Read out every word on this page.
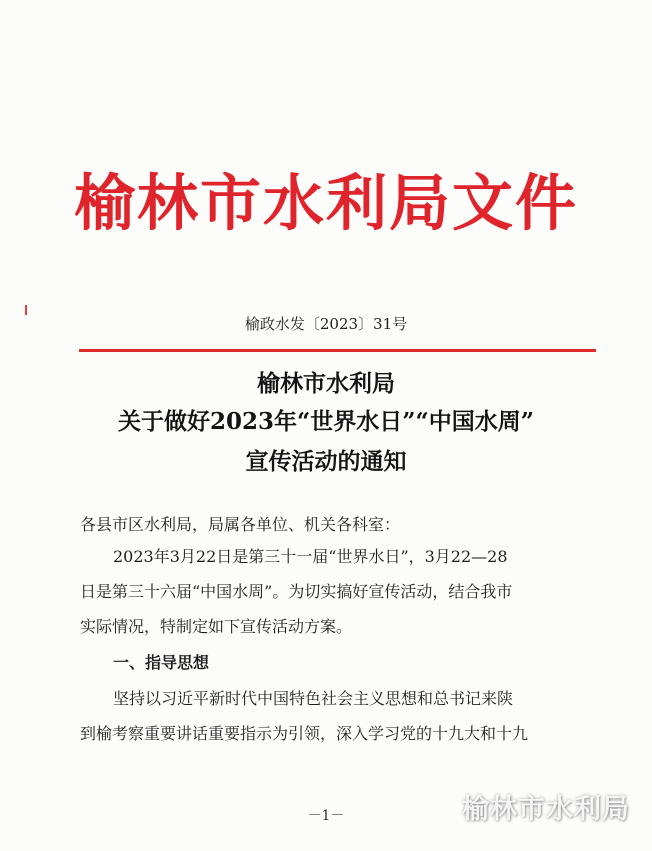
榆林市水利局文件
榆政水发〔2023〕31号
榆林市水利局
关于做好2023年“世界水日”“中国水周”
宣传活动的通知
各县市区水利局，局属各单位、机关各科室：
2023年3月22日是第三十一届“世界水日”，3月22—28
日是第三十六届“中国水周”。为切实搞好宣传活动，结合我市
实际情况，特制定如下宣传活动方案。
一、指导思想
坚持以习近平新时代中国特色社会主义思想和总书记来陕
到榆考察重要讲话重要指示为引领，深入学习党的十九大和十九
－1－	榆林市水利局
